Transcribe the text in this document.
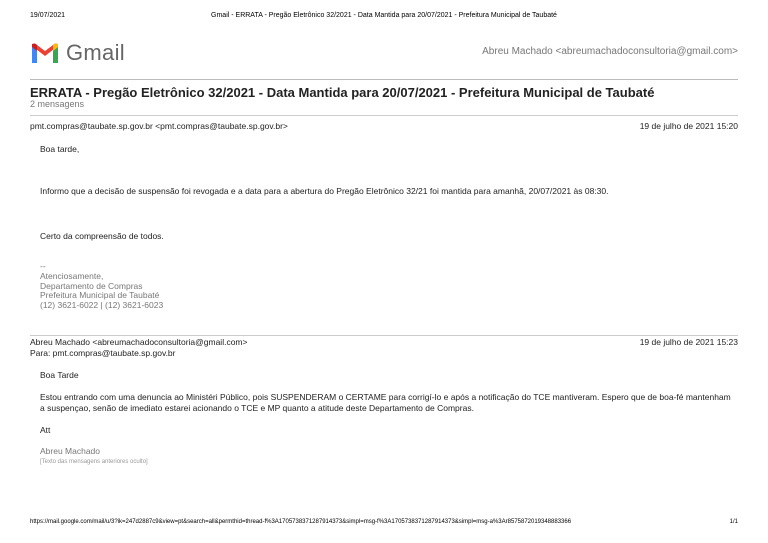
19/07/2021	Gmail - ERRATA - Pregão Eletrônico 32/2021 - Data Mantida para 20/07/2021 - Prefeitura Municipal de Taubaté
Gmail	Abreu Machado <abreumachadoconsultoria@gmail.com>
ERRATA - Pregão Eletrônico 32/2021 - Data Mantida para 20/07/2021 - Prefeitura Municipal de Taubaté
2 mensagens
pmt.compras@taubate.sp.gov.br <pmt.compras@taubate.sp.gov.br>	19 de julho de 2021 15:20
Boa tarde,
Informo que a decisão de suspensão foi revogada e a data para a abertura do Pregão Eletrônico 32/21 foi mantida para amanhã, 20/07/2021 às 08:30.
Certo da compreensão de todos.
--
Atenciosamente,
Departamento de Compras
Prefeitura Municipal de Taubaté
(12) 3621-6022 | (12) 3621-6023
Abreu Machado <abreumachadoconsultoria@gmail.com>	19 de julho de 2021 15:23
Para: pmt.compras@taubate.sp.gov.br
Boa Tarde
Estou entrando com uma denuncia ao Ministéri Público, pois SUSPENDERAM o CERTAME para corrigí-lo e após a notificação do TCE mantiveram. Espero que de boa-fé mantenham a suspençao, senão de imediato estarei acionando o TCE e MP quanto a atitude deste Departamento de Compras.
Att
Abreu Machado
[Texto das mensagens anteriores oculto]
https://mail.google.com/mail/u/3?ik=247d2887c9&view=pt&search=all&permthid=thread-f%3A1705738371287914373&simpl=msg-f%3A1705738371287914373&simpl=msg-a%3Ar8575872019348883366	1/1
